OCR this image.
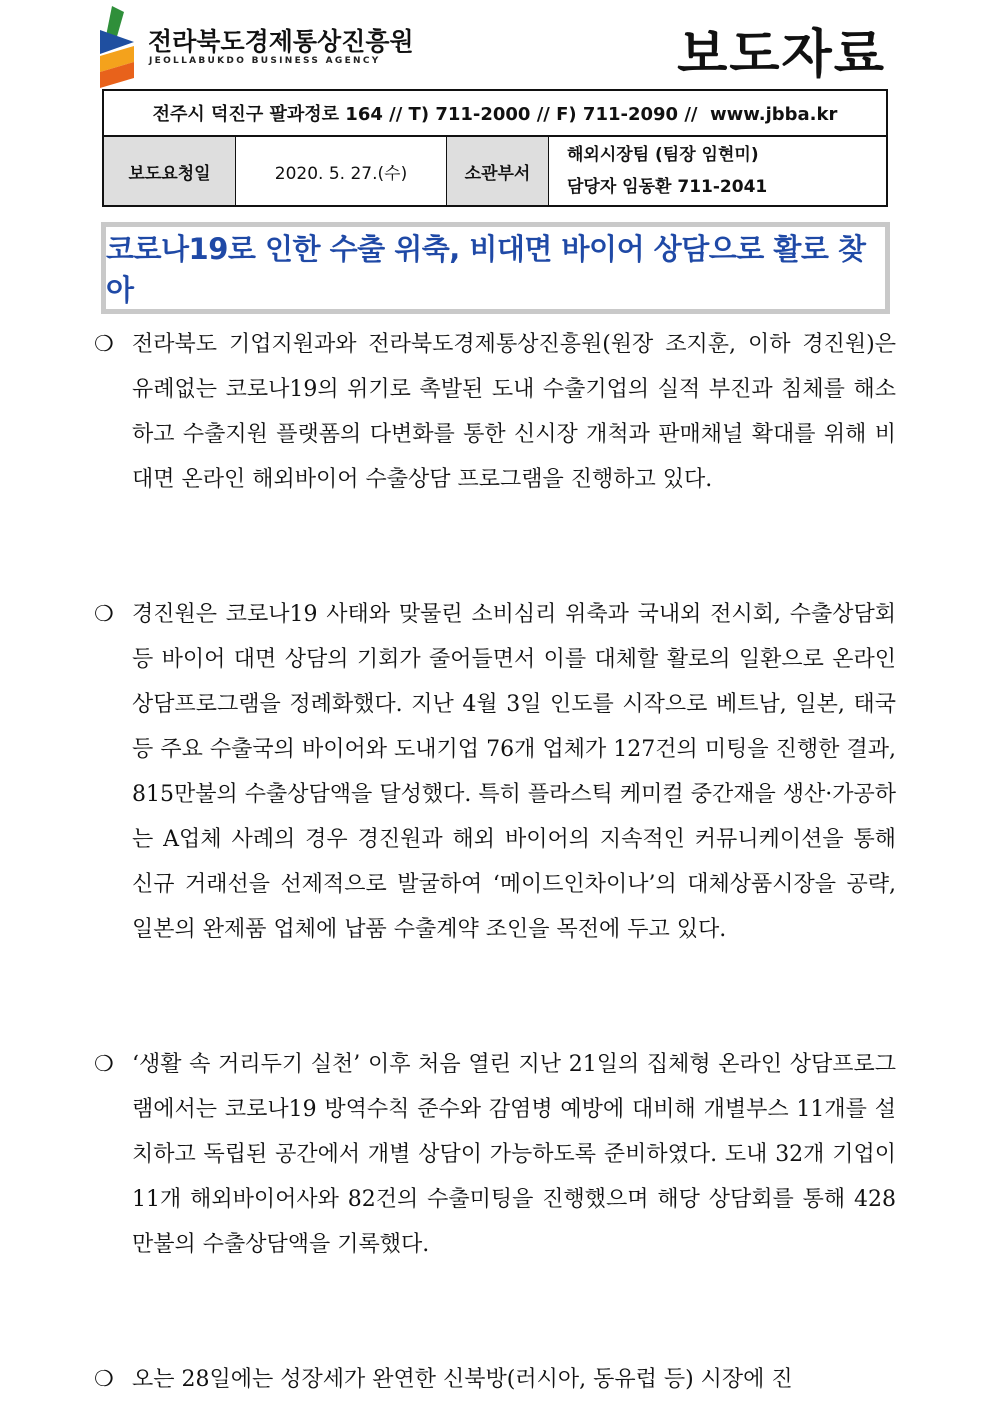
전라북도경제통상진흥원
JEOLLABUKDO BUSINESS AGENCY	보도자료
전주시 덕진구 팔과정로 164 // T) 711-2000 // F) 711-2090 //  www.jbba.kr
보도요청일	2020. 5. 27.(수)	소관부서
해외시장팀 (팀장 임현미)
담당자 임동환 711-2041
코로나19로 인한 수출 위축, 비대면 바이어 상담으로 활로 찾아
❍ 전라북도 기업지원과와 전라북도경제통상진흥원(원장 조지훈, 이하 경진원)은 유례없는 코로나19의 위기로 촉발된 도내 수출기업의 실적 부진과 침체를 해소하고 수출지원 플랫폼의 다변화를 통한 신시장 개척과 판매채널 확대를 위해 비대면 온라인 해외바이어 수출상담 프로그램을 진행하고 있다.
❍ 경진원은 코로나19 사태와 맞물린 소비심리 위축과 국내외 전시회, 수출상담회 등 바이어 대면 상담의 기회가 줄어들면서 이를 대체할 활로의 일환으로 온라인 상담프로그램을 정례화했다. 지난 4월 3일 인도를 시작으로 베트남, 일본, 태국 등 주요 수출국의 바이어와 도내기업 76개 업체가 127건의 미팅을 진행한 결과, 815만불의 수출상담액을 달성했다. 특히 플라스틱 케미컬 중간재을 생산·가공하는 A업체 사례의 경우 경진원과 해외 바이어의 지속적인 커뮤니케이션을 통해 신규 거래선을 선제적으로 발굴하여 ‘메이드인차이나’의 대체상품시장을 공략, 일본의 완제품 업체에 납품 수출계약 조인을 목전에 두고 있다.
❍ ‘생활 속 거리두기 실천’ 이후 처음 열린 지난 21일의 집체형 온라인 상담프로그램에서는 코로나19 방역수칙 준수와 감염병 예방에 대비해 개별부스 11개를 설치하고 독립된 공간에서 개별 상담이 가능하도록 준비하였다. 도내 32개 기업이 11개 해외바이어사와 82건의 수출미팅을 진행했으며 해당 상담회를 통해 428만불의 수출상담액을 기록했다.
❍ 오는 28일에는 성장세가 완연한 신북방(러시아, 동유럽 등) 시장에 진
